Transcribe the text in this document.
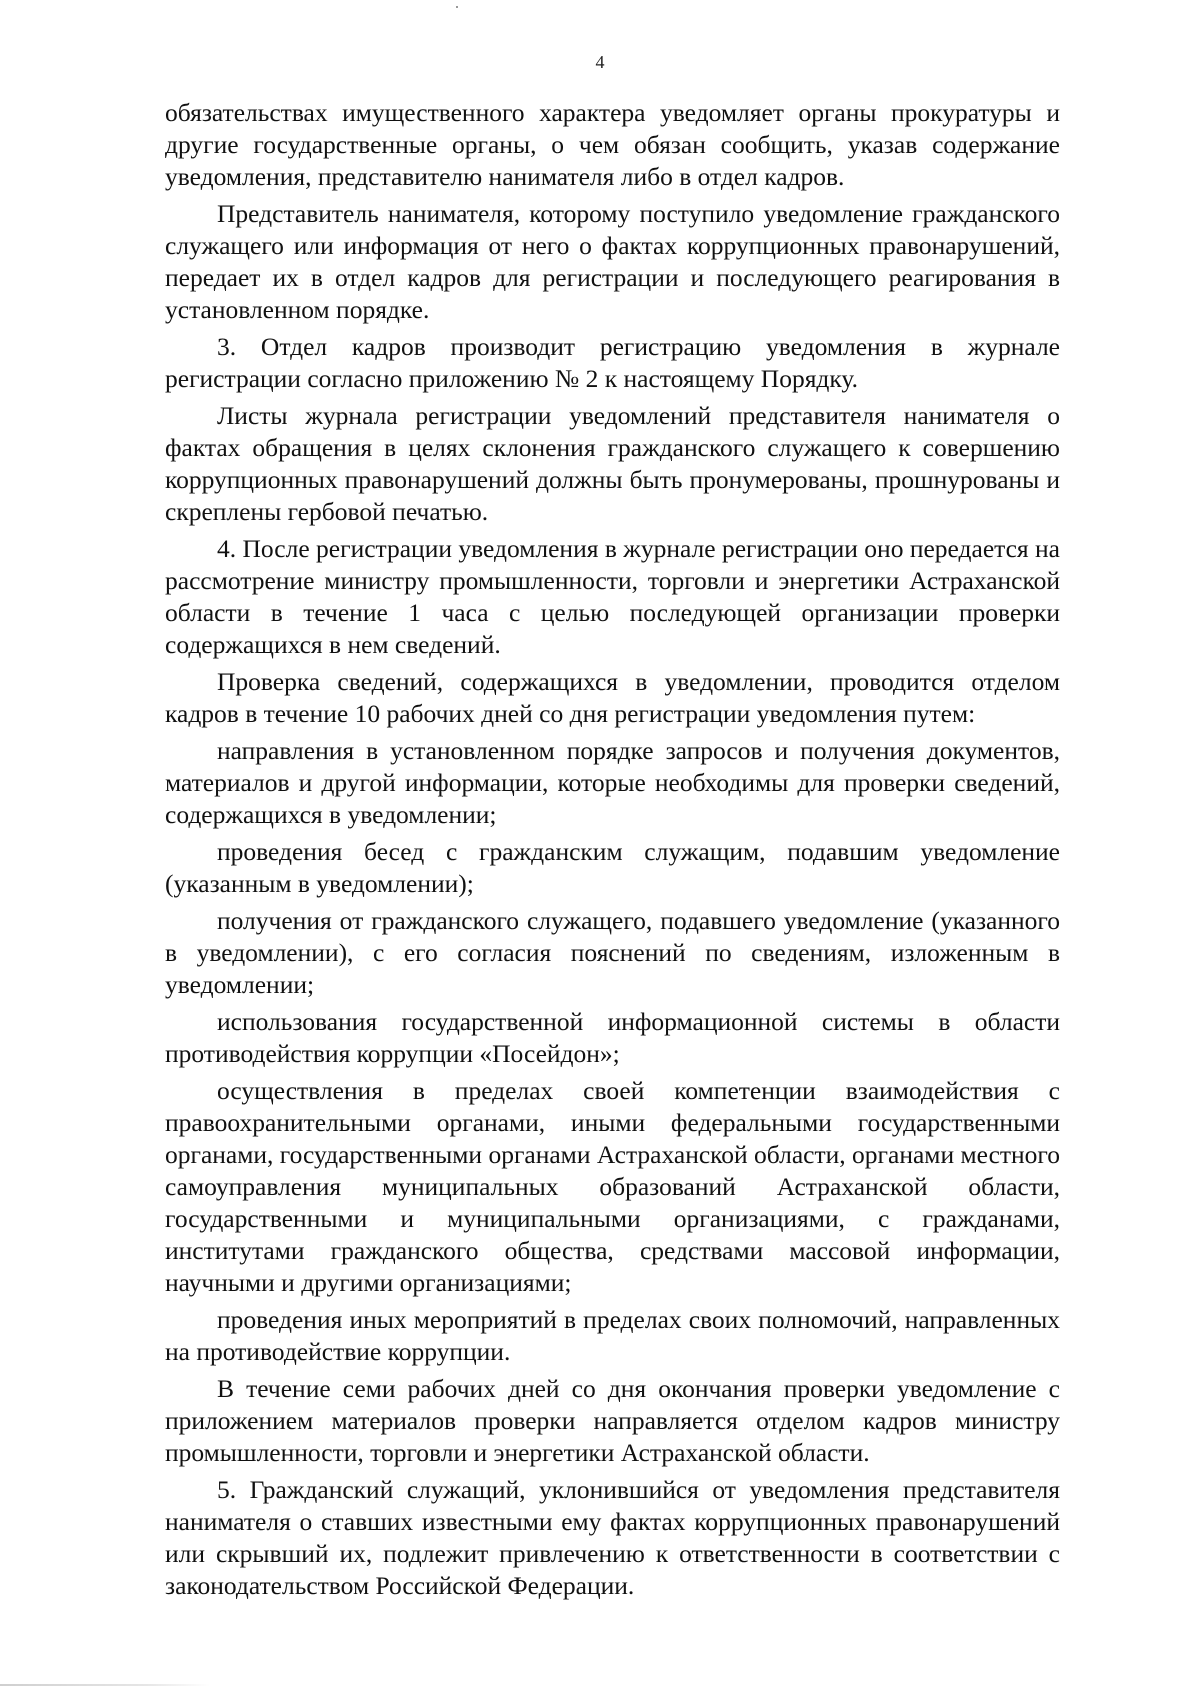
4

обязательствах имущественного характера уведомляет органы прокуратуры и другие государственные органы, о чем обязан сообщить, указав содержание уведомления, представителю нанимателя либо в отдел кадров.

Представитель нанимателя, которому поступило уведомление гражданского служащего или информация от него о фактах коррупционных правонарушений, передает их в отдел кадров для регистрации и последующего реагирования в установленном порядке.

3. Отдел кадров производит регистрацию уведомления в журнале регистрации согласно приложению № 2 к настоящему Порядку.

Листы журнала регистрации уведомлений представителя нанимателя о фактах обращения в целях склонения гражданского служащего к совершению коррупционных правонарушений должны быть пронумерованы, прошнурованы и скреплены гербовой печатью.

4. После регистрации уведомления в журнале регистрации оно передается на рассмотрение министру промышленности, торговли и энергетики Астраханской области в течение 1 часа с целью последующей организации проверки содержащихся в нем сведений.

Проверка сведений, содержащихся в уведомлении, проводится отделом кадров в течение 10 рабочих дней со дня регистрации уведомления путем:

направления в установленном порядке запросов и получения документов, материалов и другой информации, которые необходимы для проверки сведений, содержащихся в уведомлении;

проведения бесед с гражданским служащим, подавшим уведомление (указанным в уведомлении);

получения от гражданского служащего, подавшего уведомление (указанного в уведомлении), с его согласия пояснений по сведениям, изложенным в уведомлении;

использования государственной информационной системы в области противодействия коррупции «Посейдон»;

осуществления в пределах своей компетенции взаимодействия с правоохранительными органами, иными федеральными государственными органами, государственными органами Астраханской области, органами местного самоуправления муниципальных образований Астраханской области, государственными и муниципальными организациями, с гражданами, институтами гражданского общества, средствами массовой информации, научными и другими организациями;

проведения иных мероприятий в пределах своих полномочий, направленных на противодействие коррупции.

В течение семи рабочих дней со дня окончания проверки уведомление с приложением материалов проверки направляется отделом кадров министру промышленности, торговли и энергетики Астраханской области.

5. Гражданский служащий, уклонившийся от уведомления представителя нанимателя о ставших известными ему фактах коррупционных правонарушений или скрывший их, подлежит привлечению к ответственности в соответствии с законодательством Российской Федерации.
